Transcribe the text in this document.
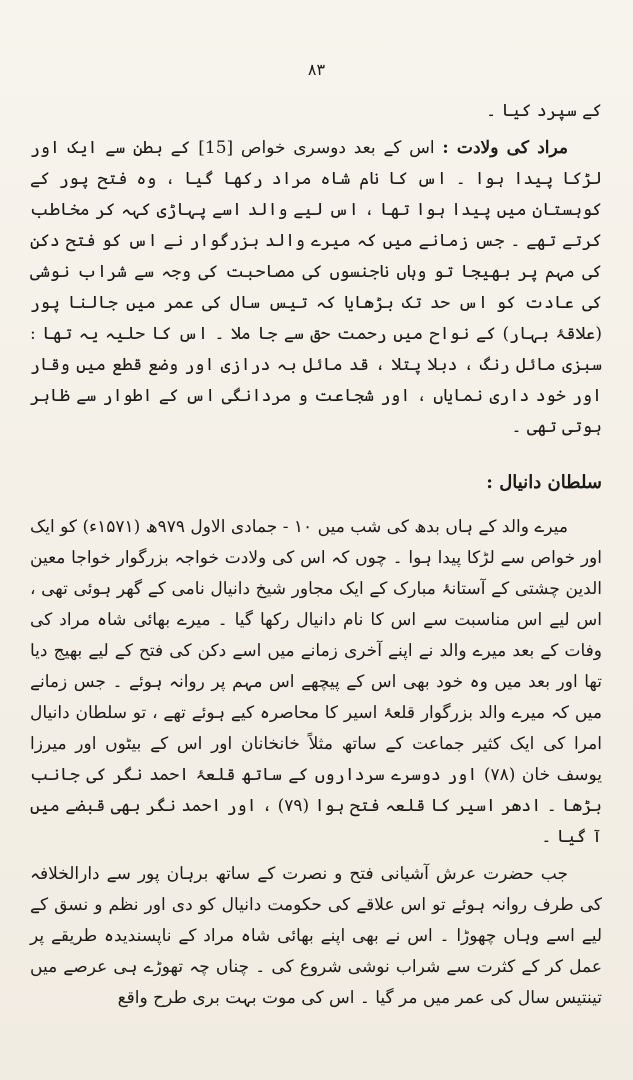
۸۳

کے سپرد کیا ۔

مراد کی ولادت : اس کے بعد دوسری خواص [15] کے بطن سے ایک اور لڑکا پیدا ہوا ۔ اس کا نام شاہ مراد رکھا گیا ، وہ فتح پور کے کوہستان میں پیدا ہوا تھا ، اس لیے والد اسے پہاڑی کہہ کر مخاطب کرتے تھے ۔ جس زمانے میں کہ میرے والد بزرگوار نے اس کو فتح دکن کی مہم پر بھیجا تو وہاں ناجنسوں کی مصاحبت کی وجہ سے شراب نوشی کی عادت کو اس حد تک بڑھایا کہ تیس سال کی عمر میں جالنا پور (علاقۂ بہار) کے نواح میں رحمت حق سے جا ملا ۔ اس کا حلیہ یہ تھا : سبزی مائل رنگ ، دبلا پتلا ، قد مائل بہ درازی اور وضع قطع میں وقار اور خود داری نمایاں ، اور شجاعت و مردانگی اس کے اطوار سے ظاہر ہوتی تھی ۔

سلطان دانیال :

میرے والد کے ہاں بدھ کی شب میں ۱۰ - جمادی الاول ۹۷۹ھ (۱۵۷۱ء) کو ایک اور خواص سے لڑکا پیدا ہوا ۔ چوں کہ اس کی ولادت خواجہ بزرگوار خواجا معین الدین چشتی کے آستانۂ مبارک کے ایک مجاور شیخ دانیال نامی کے گھر ہوئی تھی ، اس لیے اس مناسبت سے اس کا نام دانیال رکھا گیا ۔ میرے بھائی شاہ مراد کی وفات کے بعد میرے والد نے اپنے آخری زمانے میں اسے دکن کی فتح کے لیے بھیج دیا تھا اور بعد میں وہ خود بھی اس کے پیچھے اس مہم پر روانہ ہوئے ۔ جس زمانے میں کہ میرے والد بزرگوار قلعۂ اسیر کا محاصرہ کیے ہوئے تھے ، تو سلطان دانیال امرا کی ایک کثیر جماعت کے ساتھ مثلاً خانخانان اور اس کے بیٹوں اور میرزا یوسف خان (۷۸) اور دوسرے سرداروں کے ساتھ قلعۂ احمد نگر کی جانب بڑھا ۔ ادھر اسیر کا قلعہ فتح ہوا (۷۹) ، اور احمد نگر بھی قبضے میں آ گیا ۔

جب حضرت عرش آشیانی فتح و نصرت کے ساتھ برہان پور سے دارالخلافہ کی طرف روانہ ہوئے تو اس علاقے کی حکومت دانیال کو دی اور نظم و نسق کے لیے اسے وہاں چھوڑا ۔ اس نے بھی اپنے بھائی شاہ مراد کے ناپسندیدہ طریقے پر عمل کر کے کثرت سے شراب نوشی شروع کی ۔ چناں چہ تھوڑے ہی عرصے میں تینتیس سال کی عمر میں مر گیا ۔ اس کی موت بہت بری طرح واقع
